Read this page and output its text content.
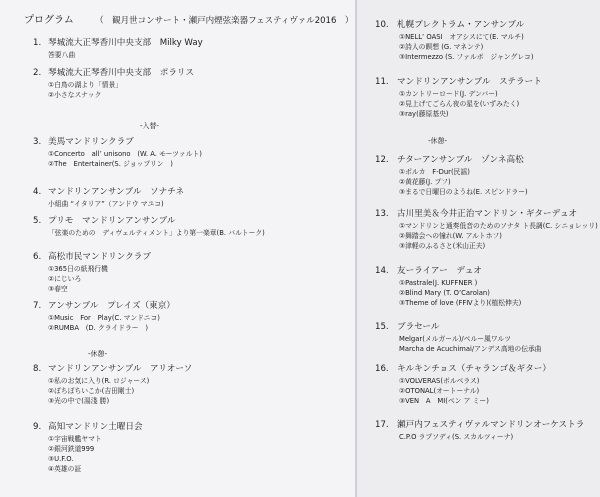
プログラム （　観月世コンサート・瀬戸内煙弦楽器フェスティヴァル2016　）
1. 琴城流大正琴香川中央支部　Milky Way
答要八曲
2. 琴城流大正琴香川中央支部　ポラリス
①白鳥の湖より「情景」
②小さなスナック
3. 美馬マンドリンクラブ
①Concerto　all’ unisono　(W. A. モーツァルト)
②The　Entertainer(S. ジョップリン　)
4. マンドリンアンサンブル　ソナチネ
小組曲 “イタリア”（アンドウ マユコ)
5. プリモ　マンドリンアンサンブル
「弦楽のための　ディヴェルティメント」より第一楽章(B. バルトーク)
6. 高松市民マンドリンクラブ
①365日の紙飛行機
②にじいろ
③春空
7. アンサンブル　プレイズ（東京）
①Music　For　Play(C. マンドニコ)
②RUMBA　(D. クライドラー　)
8. マンドリンアンサンブル　アリオーソ
①私のお気に入り(R. ロジャース)
②ぼちぼちいこか(吉田剛士)
③光の中で(湯淺 勝)
9. 高知マンドリン土曜日会
①宇宙戦艦ヤマト
②銀河鉄道999
③U.F.O.
④英雄の証
-入替-
-休憩-
10. 札幌プレクトラム・アンサンブル
①NELL’ OASI　オアシスにて(E. マルチ)
②詩人の瞑想 (G. マネンテ)
③Intermezzo (S. ファルボ　ジャングレコ)
11. マンドリンアンサンブル　ステラート
①カントリーロード(J. デンバー)
②見上げてごらん夜の星を(いずみたく)
③ray(藤原基央)
12. チターアンサンブル　ゾンネ高松
①ポルカ　F-Dur(民謡)
②黄花藤(J. プフ)
③まるで日曜日のようね(E. スピンドラー)
13. 古川里美＆今井正治マンドリン・ギターデュオ
①マンドリンと通奏低音のためのソナタ ト長調(C. シニョレッリ)
②舞踏会への憧れ(W. アルトホフ)
③津軽のふるさと(米山正夫)
14. 友ーライアー　デュオ
①Pastrale(J. KUFFNER )
②Blind Mary (T. O’Carolan)
③Theme of love (FFⅣより)(植松伸夫)
15. ブラセール
Melgar(メルガール)/ペルー風ワルツ
Marcha de Acuchimai/アンデス高地の伝承曲
16. キルキンチョス（チャランゴ＆ギター）
①VOLVERAS(ボルベラス)
②OTONAL(オートーナル)
③VEN　A　MI(ベン ア ミー)
17. 瀬戸内フェスティヴァルマンドリンオーケストラ
C.P.O ラプソディ(S. スカルツィーナ)
-休憩-
